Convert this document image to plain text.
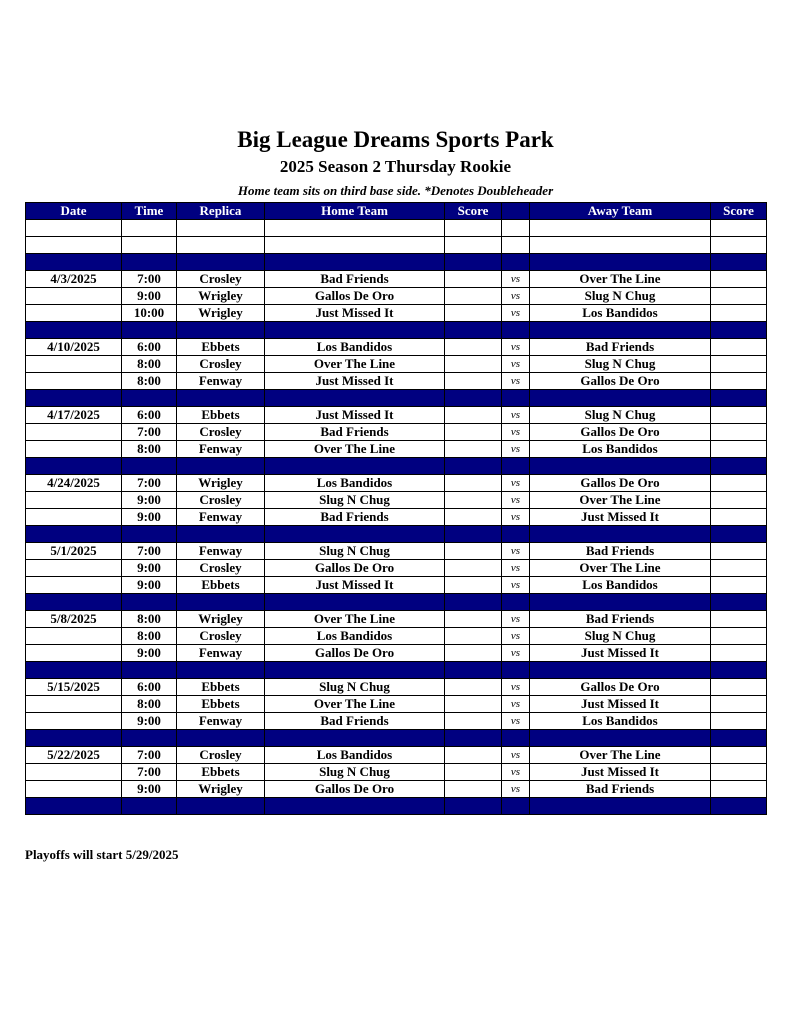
Big League Dreams Sports Park
2025 Season 2 Thursday Rookie
Home team sits on third base side. *Denotes Doubleheader
Date	Time	Replica	Home Team	Score		Away Team	Score

4/3/2025	7:00	Crosley	Bad Friends		vs	Over The Line	
	9:00	Wrigley	Gallos De Oro		vs	Slug N Chug	
	10:00	Wrigley	Just Missed It		vs	Los Bandidos	

4/10/2025	6:00	Ebbets	Los Bandidos		vs	Bad Friends	
	8:00	Crosley	Over The Line		vs	Slug N Chug	
	8:00	Fenway	Just Missed It		vs	Gallos De Oro	

4/17/2025	6:00	Ebbets	Just Missed It		vs	Slug N Chug	
	7:00	Crosley	Bad Friends		vs	Gallos De Oro	
	8:00	Fenway	Over The Line		vs	Los Bandidos	

4/24/2025	7:00	Wrigley	Los Bandidos		vs	Gallos De Oro	
	9:00	Crosley	Slug N Chug		vs	Over The Line	
	9:00	Fenway	Bad Friends		vs	Just Missed It	

5/1/2025	7:00	Fenway	Slug N Chug		vs	Bad Friends	
	9:00	Crosley	Gallos De Oro		vs	Over The Line	
	9:00	Ebbets	Just Missed It		vs	Los Bandidos	

5/8/2025	8:00	Wrigley	Over The Line		vs	Bad Friends	
	8:00	Crosley	Los Bandidos		vs	Slug N Chug	
	9:00	Fenway	Gallos De Oro		vs	Just Missed It	

5/15/2025	6:00	Ebbets	Slug N Chug		vs	Gallos De Oro	
	8:00	Ebbets	Over The Line		vs	Just Missed It	
	9:00	Fenway	Bad Friends		vs	Los Bandidos	

5/22/2025	7:00	Crosley	Los Bandidos		vs	Over The Line	
	7:00	Ebbets	Slug N Chug		vs	Just Missed It	
	9:00	Wrigley	Gallos De Oro		vs	Bad Friends	

Playoffs will start 5/29/2025
